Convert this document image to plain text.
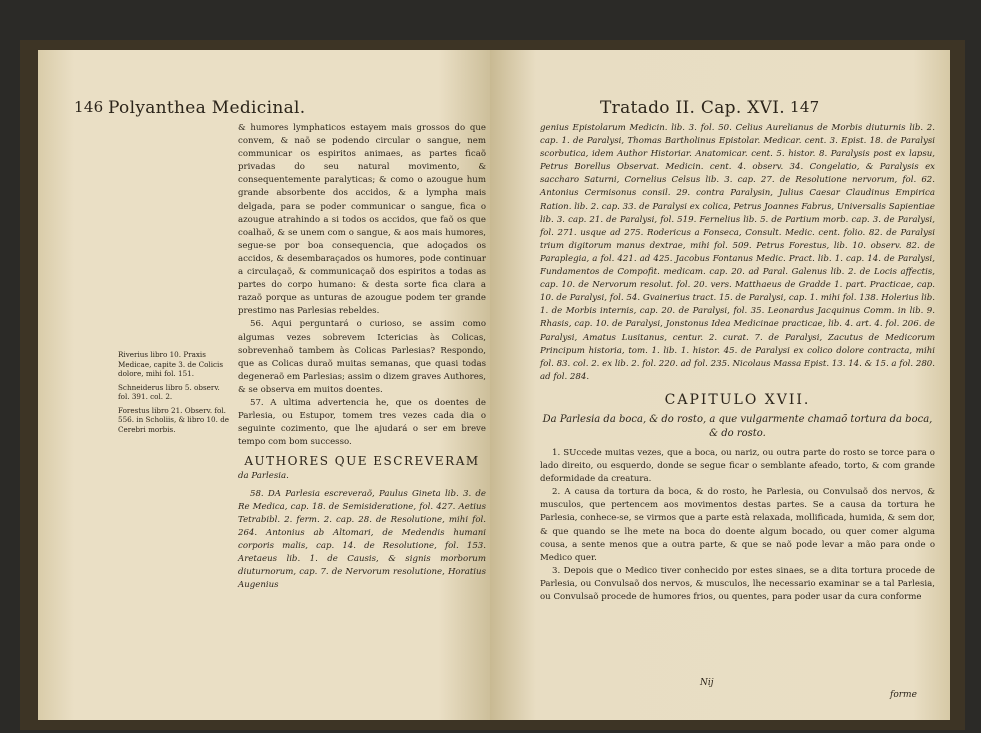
146 Polyanthea Medicinal.

Riverius libro 10. Praxis Medicae, capite 3. de Colicis dolore, mihi fol. 151.

Schneiderus libro 5. observ. fol. 391. col. 2.

Forestus libro 21. Observ. fol. 556. in Scholiis, & libro 10. de Cerebri morbis.

& humores lymphaticos estayem mais grossos do que convem, & naõ se podendo circular o sangue, nem communicar os espiritos animaes, as partes ficaõ privadas do seu natural movimento, & consequentemente paralyticas; & como o azougue hum grande absorbente dos accidos, & a lympha mais delgada, para se poder communicar o sangue, fica o azougue atrahindo a si todos os accidos, que faõ os que coalhaõ, & se unem com o sangue, & aos mais humores, segue-se por boa consequencia, que adoçados os accidos, & desembaraçados os humores, pode continuar a circulaçaõ, & communicaçaõ dos espiritos a todas as partes do corpo humano: & desta sorte fica clara a razaõ porque as unturas de azougue podem ter grande prestimo nas Parlesias rebeldes.

56. Aqui perguntará o curioso, se assim como algumas vezes sobrevem Ictericias às Colicas, sobrevenhaõ tambem às Colicas Parlesias? Respondo, que as Colicas duraõ muitas semanas, que quasi todas degeneraõ em Parlesias; assim o dizem graves Authores, & se observa em muitos doentes.

57. A ultima advertencia he, que os doentes de Parlesia, ou Estupor, tomem tres vezes cada dia o seguinte cozimento, que lhe ajudará o ser em breve tempo com bom successo.

AUTHORES QUE ESCREVERAM
da Parlesia.

58. DA Parlesia escreveraõ, Paulus Gineta lib. 3. de Re Medica, cap. 18. de Semisideratione, fol. 427. Aetius Tetrabibl. 2. ferm. 2. cap. 28. de Resolutione, mihi fol. 264. Antonius ab Altomari, de Medendis humani corporis malis, cap. 14. de Resolutione, fol. 153. Aretaeus lib. 1. de Causis, & signis morborum diuturnorum, cap. 7. de Nervorum resolutione, Horatius Augenius

Tratado II. Cap. XVI. 147

genius Epistolarum Medicin. lib. 3. fol. 50. Celius Aurelianus de Morbis diuturnis lib. 2. cap. 1. de Paralysi, Thomas Bartholinus Epistolar. Medicar. cent. 3. Epist. 18. de Paralysi scorbutica, idem Author Historiar. Anatomicar. cent. 5. histor. 8. Paralysis post ex lapsu, Petrus Borellus Observat. Medicin. cent. 4. observ. 34. Congelatio, & Paralysis ex saccharo Saturni, Cornelius Celsus lib. 3. cap. 27. de Resolutione nervorum, fol. 62. Antonius Cermisonus consil. 29. contra Paralysin, Julius Caesar Claudinus Empirica Ration. lib. 2. cap. 33. de Paralysi ex colica, Petrus Joannes Fabrus, Universalis Sapientiae lib. 3. cap. 21. de Paralysi, fol. 519. Fernelius lib. 5. de Partium morb. cap. 3. de Paralysi, fol. 271. usque ad 275. Rodericus a Fonseca, Consult. Medic. cent. folio. 82. de Paralysi trium digitorum manus dextrae, mihi fol. 509. Petrus Forestus, lib. 10. observ. 82. de Paraplegia, a fol. 421. ad 425. Jacobus Fontanus Medic. Pract. lib. 1. cap. 14. de Paralysi, Fundamentos de Compofit. medicam. cap. 20. ad Paral. Galenus lib. 2. de Locis affectis, cap. 10. de Nervorum resolut. fol. 20. vers. Matthaeus de Gradde 1. part. Practicae, cap. 10. de Paralysi, fol. 54. Gvainerius tract. 15. de Paralysi, cap. 1. mihi fol. 138. Holerius lib. 1. de Morbis internis, cap. 20. de Paralysi, fol. 35. Leonardus Jacquinus Comm. in lib. 9. Rhasis, cap. 10. de Paralysi, Jonstonus Idea Medicinae practicae, lib. 4. art. 4. fol. 206. de Paralysi, Amatus Lusitanus, centur. 2. curat. 7. de Paralysi, Zacutus de Medicorum Principum historia, tom. 1. lib. 1. histor. 45. de Paralysi ex colico dolore contracta, mihi fol. 83. col. 2. ex lib. 2. fol. 220. ad fol. 235. Nicolaus Massa Epist. 13. 14. & 15. a fol. 280. ad fol. 284.

CAPITULO XVII.
Da Parlesia da boca, & do rosto, a que vulgarmente chamaõ tortura da boca, & do rosto.

1. SUccede muitas vezes, que a boca, ou nariz, ou outra parte do rosto se torce para o lado direito, ou esquerdo, donde se segue ficar o semblante afeado, torto, & com grande deformidade da creatura.

2. A causa da tortura da boca, & do rosto, he Parlesia, ou Convulsaõ dos nervos, & musculos, que pertencem aos movimentos destas partes. Se a causa da tortura he Parlesia, conhece-se, se virmos que a parte està relaxada, mollificada, humida, & sem dor, & que quando se lhe mete na boca do doente algum bocado, ou quer comer alguma cousa, a sente menos que a outra parte, & que se naõ pode levar a mão para onde o Medico quer.

3. Depois que o Medico tiver conhecido por estes sinaes, se a dita tortura procede de Parlesia, ou Convulsaõ dos nervos, & musculos, lhe necessario examinar se a tal Parlesia, ou Convulsaõ procede de humores frios, ou quentes, para poder usar da cura conforme

Nij
forme
